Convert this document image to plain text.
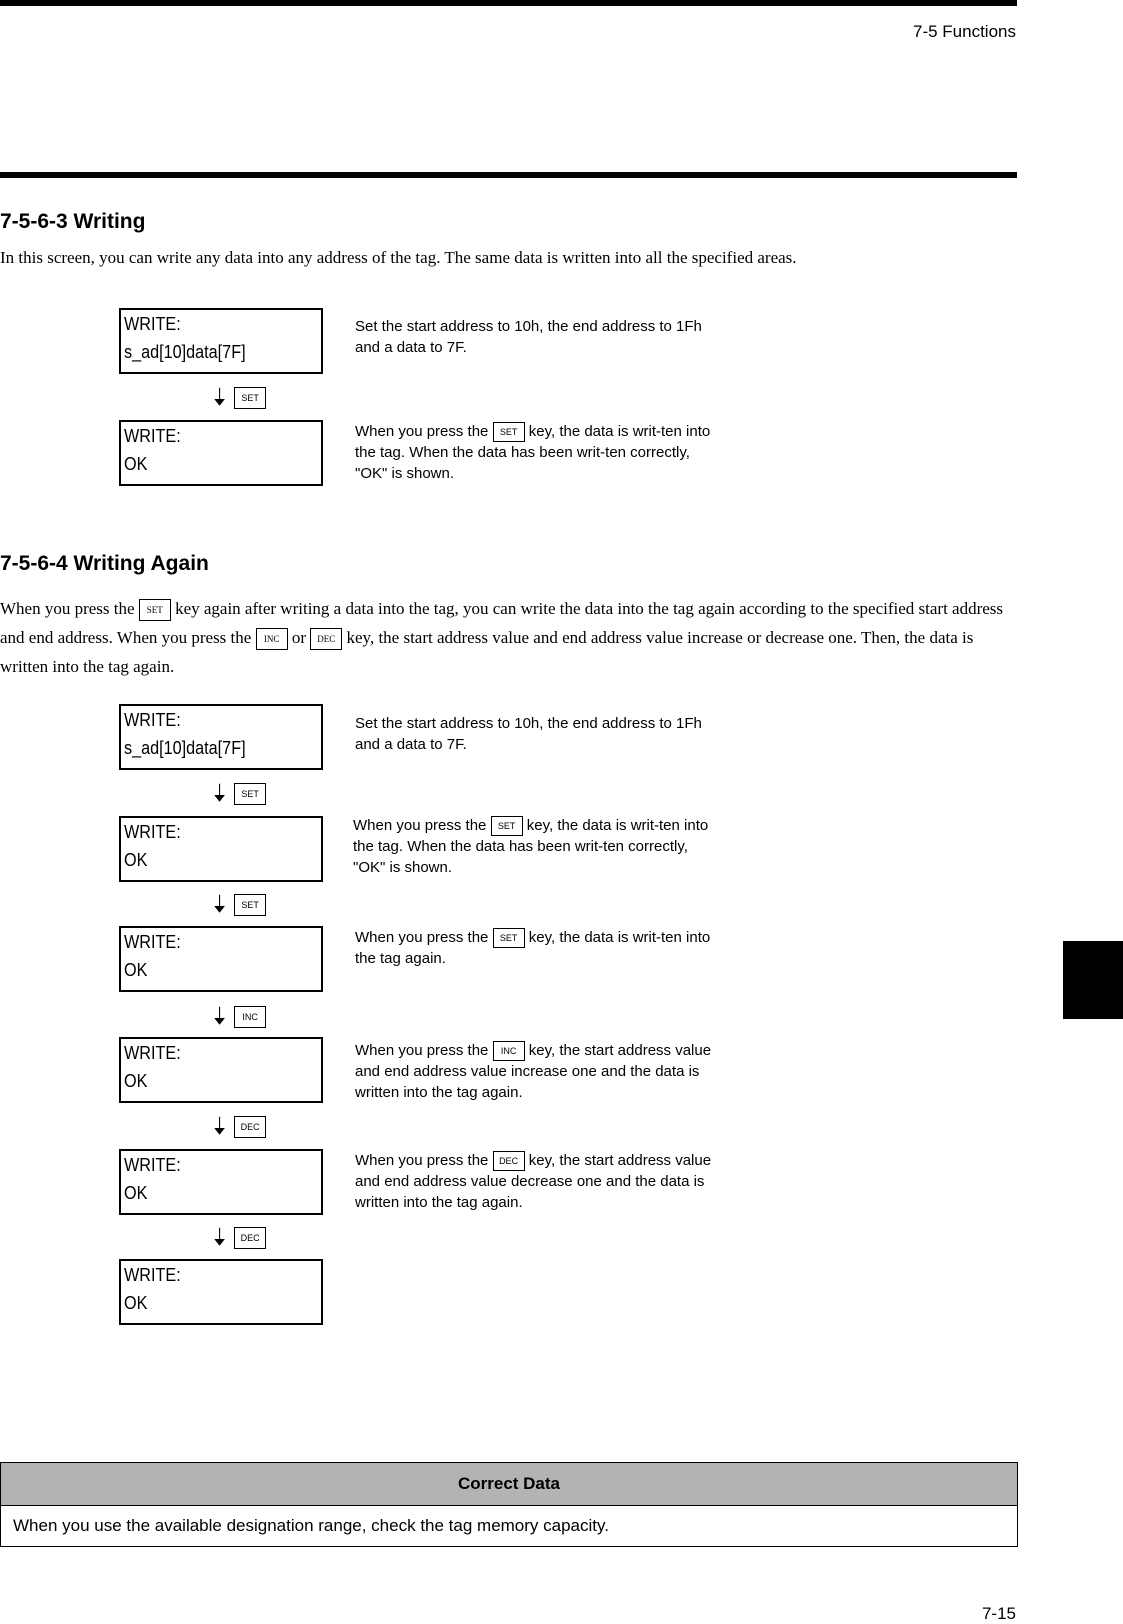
7-5 Functions
7-5-6-3 Writing
In this screen, you can write any data into any address of the tag. The same data is written into all the specified areas.
WRITE:
s_ad[10]data[7F]
🠣	SET
WRITE:
OK
Set the start address to 10h, the end address to 1Fh and a data to 7F.
When you press the SET key, the data is writ-ten into the tag. When the data has been writ-ten correctly, "OK" is shown.
7-5-6-4 Writing Again
When you press the SET key again after writing a data into the tag, you can write the data into the tag again according to the specified start address and end address. When you press the INC or DEC key, the start address value and end address value increase or decrease one. Then, the data is written into the tag again.
WRITE:
s_ad[10]data[7F]
🠣	SET
WRITE:
OK
🠣	SET
WRITE:
OK
🠣	INC
WRITE:
OK
🠣	DEC
WRITE:
OK
🠣	DEC
WRITE:
OK
Set the start address to 10h, the end address to 1Fh and a data to 7F.
When you press the SET key, the data is writ-ten into the tag. When the data has been writ-ten correctly, "OK" is shown.
When you press the SET key, the data is writ-ten into the tag again.
When you press the INC key, the start address value and end address value increase one and the data is written into the tag again.
When you press the DEC key, the start address value and end address value decrease one and the data is written into the tag again.
Correct Data
When you use the available designation range, check the tag memory capacity.
7-15
